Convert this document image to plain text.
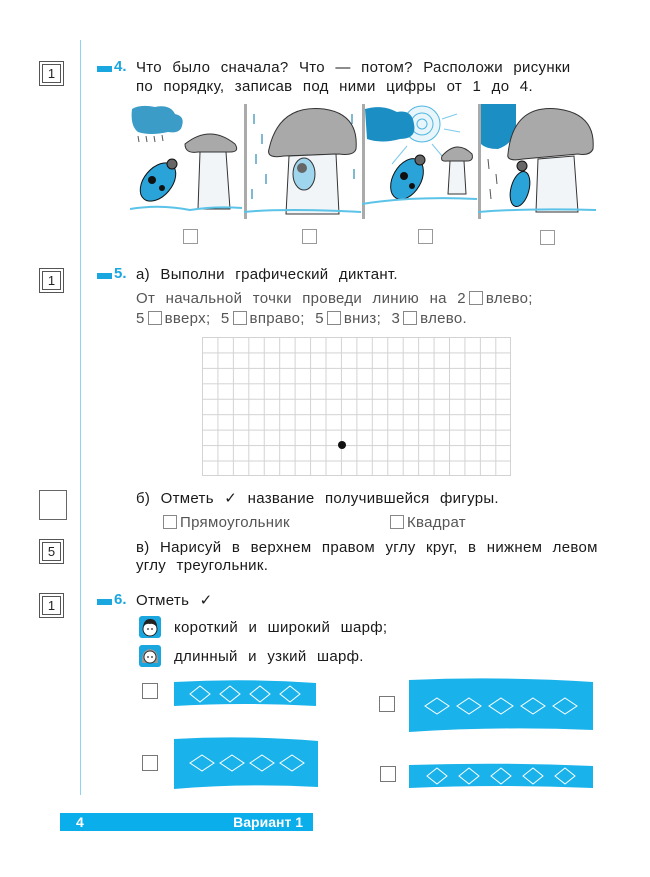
1
1
5
1
4. Что было сначала? Что — потом? Расположи рисунки
по порядку, записав под ними цифры от 1 до 4.
5. а) Выполни графический диктант.
От начальной точки проведи линию на 2 влево;
5 вверх; 5 вправо; 5 вниз; 3 влево.
б) Отметь ✓ название получившейся фигуры.
Прямоугольник	Квадрат
в) Нарисуй в верхнем правом углу круг, в нижнем левом
углу треугольник.
6. Отметь ✓
короткий и широкий шарф;
длинный и узкий шарф.
4	Вариант 1
